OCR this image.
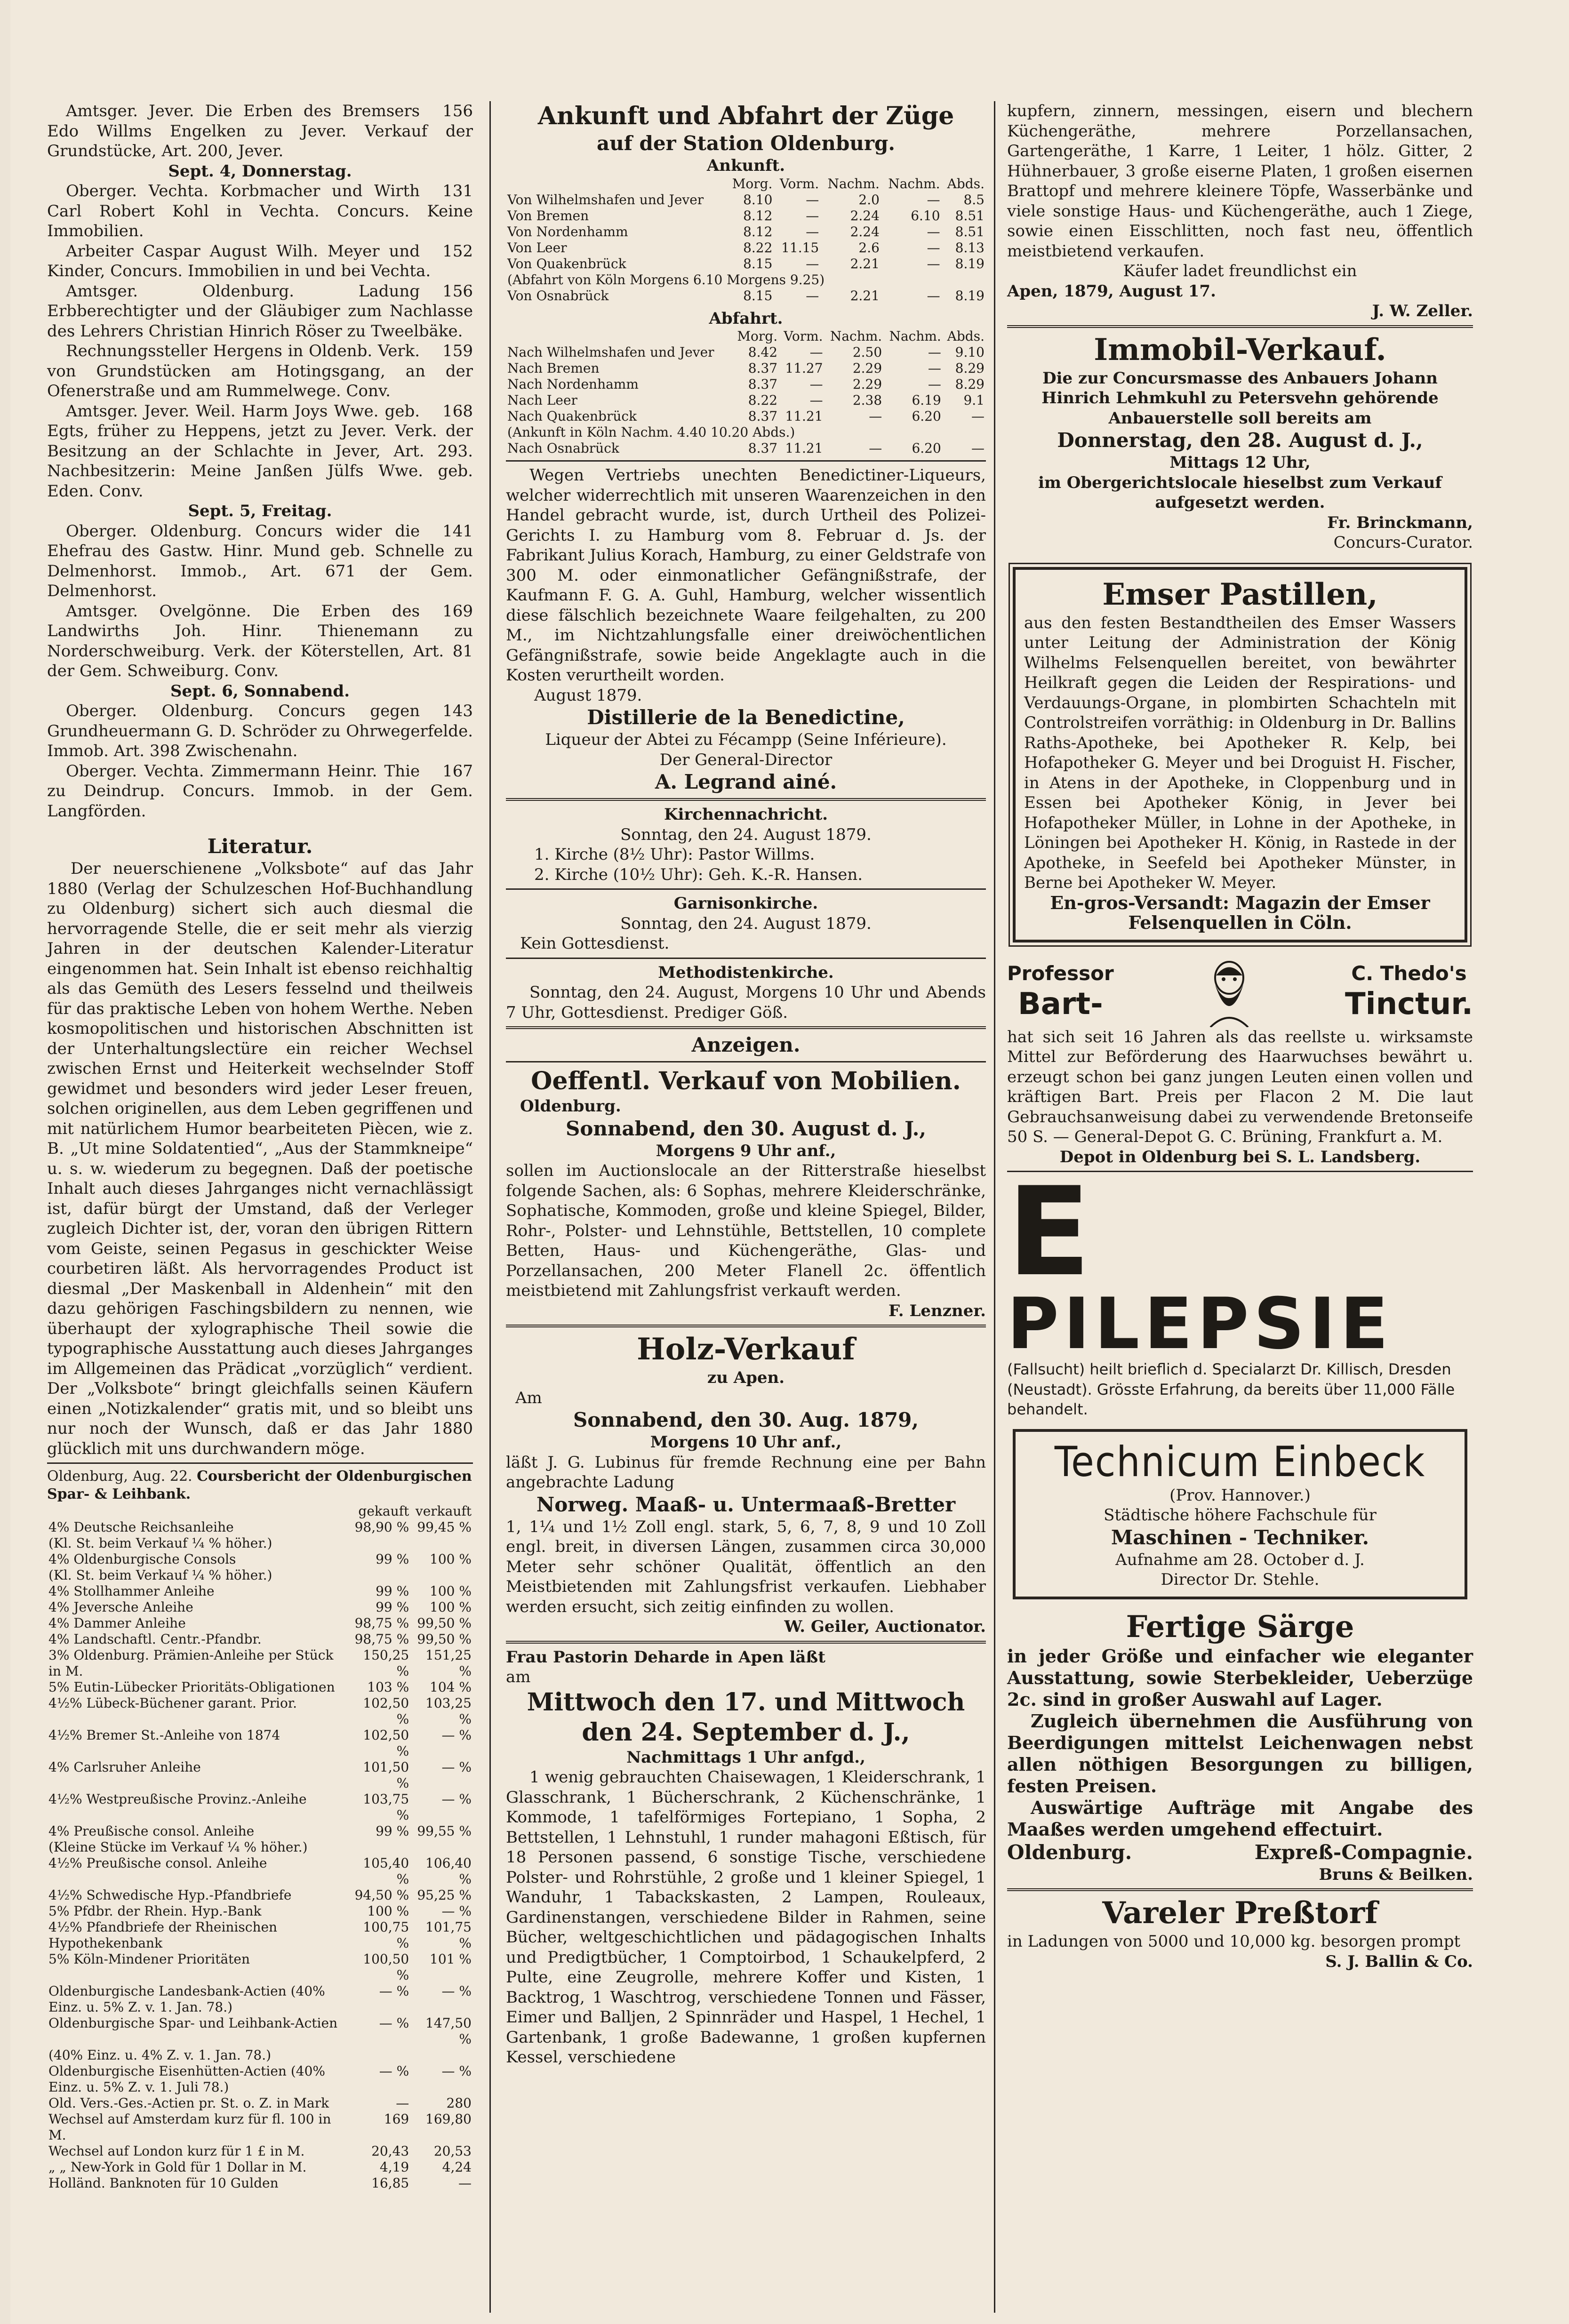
156
Amtsger. Jever. Die Erben des Bremsers Edo Willms Engelken zu Jever. Verkauf der Grundstücke, Art. 200, Jever.
Sept. 4, Donnerstag.
131
Oberger. Vechta. Korbmacher und Wirth Carl Robert Kohl in Vechta. Concurs. Keine Immobilien.
152
Arbeiter Caspar August Wilh. Meyer und Kinder, Concurs. Immobilien in und bei Vechta.
156
Amtsger. Oldenburg. Ladung Erbberechtigter und der Gläubiger zum Nachlasse des Lehrers Christian Hinrich Röser zu Tweelbäke.
159
Rechnungssteller Hergens in Oldenb. Verk. von Grundstücken am Hotingsgang, an der Ofenerstraße und am Rummelwege. Conv.
168
Amtsger. Jever. Weil. Harm Joys Wwe. geb. Egts, früher zu Heppens, jetzt zu Jever. Verk. der Besitzung an der Schlachte in Jever, Art. 293. Nachbesitzerin: Meine Janßen Jülfs Wwe. geb. Eden. Conv.
Sept. 5, Freitag.
141
Oberger. Oldenburg. Concurs wider die Ehefrau des Gastw. Hinr. Mund geb. Schnelle zu Delmenhorst. Immob., Art. 671 der Gem. Delmenhorst.
169
Amtsger. Ovelgönne. Die Erben des Landwirths Joh. Hinr. Thienemann zu Norderschweiburg. Verk. der Köterstellen, Art. 81 der Gem. Schweiburg. Conv.
Sept. 6, Sonnabend.
143
Oberger. Oldenburg. Concurs gegen Grundheuermann G. D. Schröder zu Ohrwegerfelde. Immob. Art. 398 Zwischenahn.
167
Oberger. Vechta. Zimmermann Heinr. Thie zu Deindrup. Concurs. Immob. in der Gem. Langförden.
Literatur.

Der neuerschienene „Volksbote“ auf das Jahr 1880 (Verlag der Schulzeschen Hof-Buchhandlung zu Oldenburg) sichert sich auch diesmal die hervorragende Stelle, die er seit mehr als vierzig Jahren in der deutschen Kalender-Literatur eingenommen hat. Sein Inhalt ist ebenso reichhaltig als das Gemüth des Lesers fesselnd und theilweis für das praktische Leben von hohem Werthe. Neben kosmopolitischen und historischen Abschnitten ist der Unterhaltungslectüre ein reicher Wechsel zwischen Ernst und Heiterkeit wechselnder Stoff gewidmet und besonders wird jeder Leser freuen, solchen originellen, aus dem Leben gegriffenen und mit natürlichem Humor bearbeiteten Piècen, wie z. B. „Ut mine Soldatentied“, „Aus der Stammkneipe“ u. s. w. wiederum zu begegnen. Daß der poetische Inhalt auch dieses Jahrganges nicht vernachlässigt ist, dafür bürgt der Umstand, daß der Verleger zugleich Dichter ist, der, voran den übrigen Rittern vom Geiste, seinen Pegasus in geschickter Weise courbetiren läßt. Als hervorragendes Product ist diesmal „Der Maskenball in Aldenhein“ mit den dazu gehörigen Faschingsbildern zu nennen, wie überhaupt der xylographische Theil sowie die typographische Ausstattung auch dieses Jahrganges im Allgemeinen das Prädicat „vorzüglich“ verdient. Der „Volksbote“ bringt gleichfalls seinen Käufern einen „Notizkalender“ gratis mit, und so bleibt uns nur noch der Wunsch, daß er das Jahr 1880 glücklich mit uns durchwandern möge.

Oldenburg, Aug. 22. Coursbericht der Oldenburgischen Spar- & Leihbank.
	gekauft	verkauft
4% Deutsche Reichsanleihe	98,90 %	99,45 %
(Kl. St. beim Verkauf ¼ % höher.)		
4% Oldenburgische Consols	99 %	100 %
(Kl. St. beim Verkauf ¼ % höher.)		
4% Stollhammer Anleihe	99 %	100 %
4% Jeversche Anleihe	99 %	100 %
4% Dammer Anleihe	98,75 %	99,50 %
4% Landschaftl. Centr.-Pfandbr.	98,75 %	99,50 %
3% Oldenburg. Prämien-Anleihe per Stück in M.	150,25 %	151,25 %
5% Eutin-Lübecker Prioritäts-Obligationen	103 %	104 %
4½% Lübeck-Büchener garant. Prior.	102,50 %	103,25 %
4½% Bremer St.-Anleihe von 1874	102,50 %	— %
4% Carlsruher Anleihe	101,50 %	— %
4½% Westpreußische Provinz.-Anleihe	103,75 %	— %
4% Preußische consol. Anleihe	99 %	99,55 %
(Kleine Stücke im Verkauf ¼ % höher.)		
4½% Preußische consol. Anleihe	105,40 %	106,40 %
4½% Schwedische Hyp.-Pfandbriefe	94,50 %	95,25 %
5% Pfdbr. der Rhein. Hyp.-Bank	100 %	— %
4½% Pfandbriefe der Rheinischen Hypothekenbank	100,75 %	101,75 %
5% Köln-Mindener Prioritäten	100,50 %	101 %
Oldenburgische Landesbank-Actien (40% Einz. u. 5% Z. v. 1. Jan. 78.)	— %	— %
Oldenburgische Spar- und Leihbank-Actien	— %	147,50 %
(40% Einz. u. 4% Z. v. 1. Jan. 78.)		
Oldenburgische Eisenhütten-Actien (40% Einz. u. 5% Z. v. 1. Juli 78.)	— %	— %
Old. Vers.-Ges.-Actien pr. St. o. Z. in Mark	—	280
Wechsel auf Amsterdam kurz für fl. 100 in M.	169	169,80
Wechsel auf London kurz für 1 £ in M.	20,43	20,53
„ „ New-York in Gold für 1 Dollar in M.	4,19	4,24
Holländ. Banknoten für 10 Gulden	16,85	—
Ankunft und Abfahrt der Züge
auf der Station Oldenburg.
Ankunft.
	Morg.	Vorm.	Nachm.	Nachm.	Abds.
Von Wilhelmshafen und Jever	8.10	—	2.0	—	8.5
Von Bremen	8.12	—	2.24	6.10	8.51
Von Nordenhamm	8.12	—	2.24	—	8.51
Von Leer	8.22	11.15	2.6	—	8.13
Von Quakenbrück	8.15	—	2.21	—	8.19
(Abfahrt von Köln Morgens 6.10 Morgens 9.25)					
Von Osnabrück	8.15	—	2.21	—	8.19
Abfahrt.
	Morg.	Vorm.	Nachm.	Nachm.	Abds.
Nach Wilhelmshafen und Jever	8.42	—	2.50	—	9.10
Nach Bremen	8.37	11.27	2.29	—	8.29
Nach Nordenhamm	8.37	—	2.29	—	8.29
Nach Leer	8.22	—	2.38	6.19	9.1
Nach Quakenbrück	8.37	11.21	—	6.20	—
(Ankunft in Köln Nachm. 4.40 10.20 Abds.)					
Nach Osnabrück	8.37	11.21	—	6.20	—

Wegen Vertriebs unechten Benedictiner-Liqueurs, welcher widerrechtlich mit unseren Waarenzeichen in den Handel gebracht wurde, ist, durch Urtheil des Polizei-Gerichts I. zu Hamburg vom 8. Februar d. Js. der Fabrikant Julius Korach, Hamburg, zu einer Geldstrafe von 300 M. oder einmonatlicher Gefängnißstrafe, der Kaufmann F. G. A. Guhl, Hamburg, welcher wissentlich diese fälschlich bezeichnete Waare feilgehalten, zu 200 M., im Nichtzahlungsfalle einer dreiwöchentlichen Gefängnißstrafe, sowie beide Angeklagte auch in die Kosten verurtheilt worden.

August 1879.

Distillerie de la Benedictine,
Liqueur der Abtei zu Fécampp (Seine Inférieure).
Der General-Director
A. Legrand ainé.
Kirchennachricht.
Sonntag, den 24. August 1879.
1. Kirche (8½ Uhr): Pastor Willms.
2. Kirche (10½ Uhr): Geh. K.-R. Hansen.
Garnisonkirche.
Sonntag, den 24. August 1879.
Kein Gottesdienst.
Methodistenkirche.

Sonntag, den 24. August, Morgens 10 Uhr und Abends 7 Uhr, Gottesdienst. Prediger Göß.

Anzeigen.
Oeffentl. Verkauf von Mobilien.
Oldenburg.
Sonnabend, den 30. August d. J.,
Morgens 9 Uhr anf.,

sollen im Auctionslocale an der Ritterstraße hieselbst folgende Sachen, als: 6 Sophas, mehrere Kleiderschränke, Sophatische, Kommoden, große und kleine Spiegel, Bilder, Rohr-, Polster- und Lehnstühle, Bettstellen, 10 complete Betten, Haus- und Küchengeräthe, Glas- und Porzellansachen, 200 Meter Flanell 2c. öffentlich meistbietend mit Zahlungsfrist verkauft werden.

F. Lenzner.
Holz-Verkauf
zu Apen.
Am
Sonnabend, den 30. Aug. 1879,
Morgens 10 Uhr anf.,

läßt J. G. Lubinus für fremde Rechnung eine per Bahn angebrachte Ladung

Norweg. Maaß- u. Untermaaß-Bretter

1, 1¼ und 1½ Zoll engl. stark, 5, 6, 7, 8, 9 und 10 Zoll engl. breit, in diversen Längen, zusammen circa 30,000 Meter sehr schöner Qualität, öffentlich an den Meistbietenden mit Zahlungsfrist verkaufen. Liebhaber werden ersucht, sich zeitig einfinden zu wollen.

W. Geiler, Auctionator.
Frau Pastorin Deharde in Apen läßt
am
Mittwoch den 17. und Mittwoch den 24. September d. J.,
Nachmittags 1 Uhr anfgd.,

1 wenig gebrauchten Chaisewagen, 1 Kleiderschrank, 1 Glasschrank, 1 Bücherschrank, 2 Küchenschränke, 1 Kommode, 1 tafelförmiges Fortepiano, 1 Sopha, 2 Bettstellen, 1 Lehnstuhl, 1 runder mahagoni Eßtisch, für 18 Personen passend, 6 sonstige Tische, verschiedene Polster- und Rohrstühle, 2 große und 1 kleiner Spiegel, 1 Wanduhr, 1 Tabackskasten, 2 Lampen, Rouleaux, Gardinenstangen, verschiedene Bilder in Rahmen, seine Bücher, weltgeschichtlichen und pädagogischen Inhalts und Predigtbücher, 1 Comptoirbod, 1 Schaukelpferd, 2 Pulte, eine Zeugrolle, mehrere Koffer und Kisten, 1 Backtrog, 1 Waschtrog, verschiedene Tonnen und Fässer, Eimer und Balljen, 2 Spinnräder und Haspel, 1 Hechel, 1 Gartenbank, 1 große Badewanne, 1 großen kupfernen Kessel, verschiedene

kupfern, zinnern, messingen, eisern und blechern Küchengeräthe, mehrere Porzellansachen, Gartengeräthe, 1 Karre, 1 Leiter, 1 hölz. Gitter, 2 Hühnerbauer, 3 große eiserne Platen, 1 großen eisernen Brattopf und mehrere kleinere Töpfe, Wasserbänke und viele sonstige Haus- und Küchengeräthe, auch 1 Ziege, sowie einen Eisschlitten, noch fast neu, öffentlich meistbietend verkaufen.

Käufer ladet freundlichst ein
Apen, 1879, August 17.
J. W. Zeller.
Immobil-Verkauf.
Die zur Concursmasse des Anbauers Johann Hinrich Lehmkuhl zu Petersvehn gehörende Anbauerstelle soll bereits am
Donnerstag, den 28. August d. J.,
Mittags 12 Uhr,
im Obergerichtslocale hieselbst zum Verkauf aufgesetzt werden.
Fr. Brinckmann,
Concurs-Curator.
Emser Pastillen,

aus den festen Bestandtheilen des Emser Wassers unter Leitung der Administration der König Wilhelms Felsenquellen bereitet, von bewährter Heilkraft gegen die Leiden der Respirations- und Verdauungs-Organe, in plombirten Schachteln mit Controlstreifen vorräthig: in Oldenburg in Dr. Ballins Raths-Apotheke, bei Apotheker R. Kelp, bei Hofapotheker G. Meyer und bei Droguist H. Fischer, in Atens in der Apotheke, in Cloppenburg und in Essen bei Apotheker König, in Jever bei Hofapotheker Müller, in Lohne in der Apotheke, in Löningen bei Apotheker H. König, in Rastede in der Apotheke, in Seefeld bei Apotheker Münster, in Berne bei Apotheker W. Meyer.

En-gros-Versandt: Magazin der Emser Felsenquellen in Cöln.
Professor
Bart-
C. Thedo's
Tinctur.

hat sich seit 16 Jahren als das reellste u. wirksamste Mittel zur Beförderung des Haarwuchses bewährt u. erzeugt schon bei ganz jungen Leuten einen vollen und kräftigen Bart. Preis per Flacon 2 M. Die laut Gebrauchsanweisung dabei zu verwendende Bretonseife 50 S. — General-Depot G. C. Brüning, Frankfurt a. M.

Depot in Oldenburg bei S. L. Landsberg.
E
PILEPSIE

(Fallsucht) heilt brieflich d. Specialarzt Dr. Killisch, Dresden (Neustadt). Grösste Erfahrung, da bereits über 11,000 Fälle behandelt.

Technicum Einbeck
(Prov. Hannover.)
Städtische höhere Fachschule für
Maschinen - Techniker.
Aufnahme am 28. October d. J.
Director Dr. Stehle.
Fertige Särge

in jeder Größe und einfacher wie eleganter Ausstattung, sowie Sterbekleider, Ueberzüge 2c. sind in großer Auswahl auf Lager.

Zugleich übernehmen die Ausführung von Beerdigungen mittelst Leichenwagen nebst allen nöthigen Besorgungen zu billigen, festen Preisen.

Auswärtige Aufträge mit Angabe des Maaßes werden umgehend effectuirt.

Oldenburg.	Expreß-Compagnie.
Bruns & Beilken.
Vareler Preßtorf

in Ladungen von 5000 und 10,000 kg. besorgen prompt

S. J. Ballin & Co.
